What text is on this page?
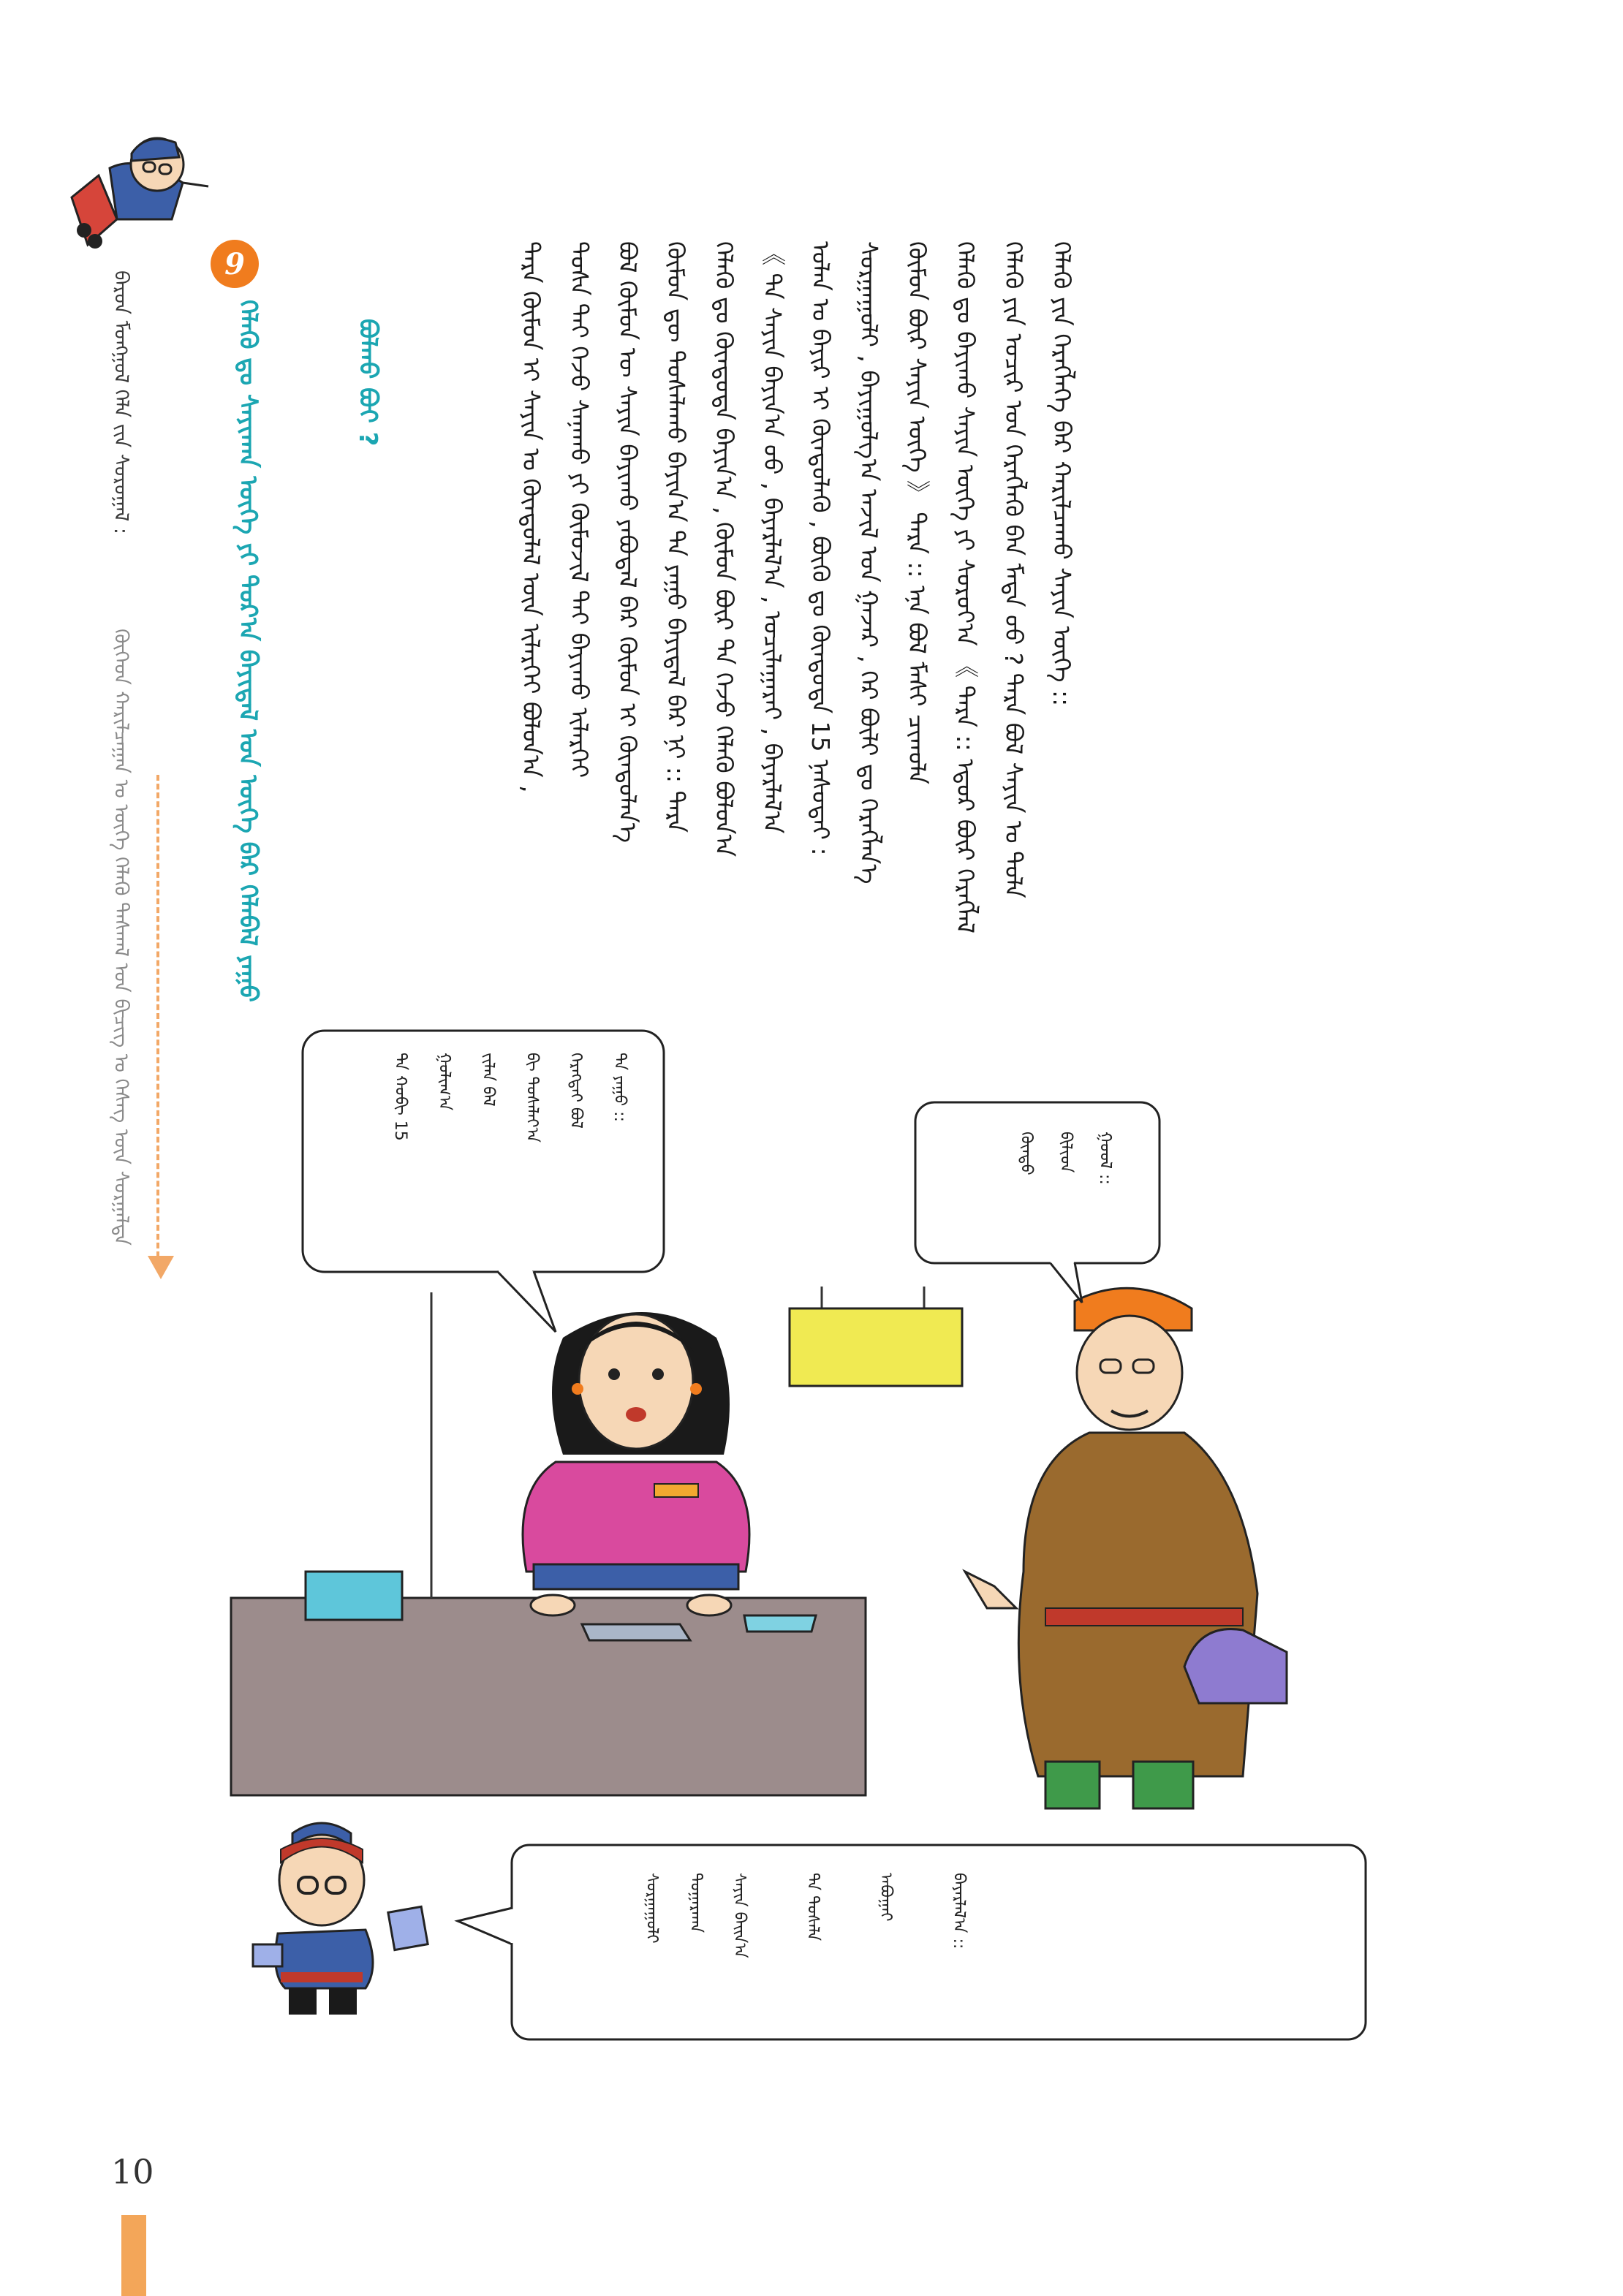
ᠪᠡᠷᠤᠨ ᠮᠣᠩᠭᠣᠯ ᠬᠡᠯᠡ ᠵᠢᠨ ᠰᠤᠷᠤᠭᠠᠯ :
ᠬᠥᠬᠡᠳ ᠬᠠᠷᠢᠯᠴᠠᠭᠠᠨ ᠤ ᠦᠭᠡ ᠬᠡᠯᠡᠬᠦ ᠳᠠᠰᠬᠠᠯ ᠤᠨ ᠪᠢᠴᠢᠭ ᠤ ᠬᠡᠰᠡᠭ ᠦᠨ ᠰᠤᠷᠭᠠᠯᠲᠠ
9
ᠬᠡᠯᠡᠬᠦ ᠳᠤ ᠰᠠᠶᠢᠬᠠᠨ ᠦᠭᠡ ᠶᠢ ᠳᠤᠷ᠎ᠠ ᠪᠠᠶᠢᠳᠠᠯ ᠤᠨ ᠦᠭᠡ ᠪᠠᠷ ᠬᠡᠯᠡᠪᠡᠯ ᠶᠠᠭᠤ	ᠪᠣᠯᠬᠤ ᠪᠤᠢ ?	ᠬᠡᠯᠡᠬᠦ ᠶᠢᠨ ᠬᠡᠷᠡᠭᠯᠡᠬᠡ ᠪᠡᠷ ᠬᠠᠷᠢᠯᠴᠠᠬᠤ ᠰᠠᠶᠢᠨ ᠦᠭᠡ ::
ᠬᠡᠯᠡᠬᠦ ᠶᠢᠨ ᠤᠴᠢᠷ ᠤᠨ ᠬᠡᠷᠡᠭᠯᠡᠬᠦ ᠪᠠᠨ ᠮᠡᠳᠡ ᠦᠦ ? ᠲᠡᠷᠡ ᠪᠣᠯ ᠰᠠᠶᠢᠨ ᠤ ᠲᠤᠯᠠ
ᠬᠡᠯᠡᠬᠦ ᠳᠤ ᠪᠠᠶᠢᠬᠤ ᠰᠠᠶᠢᠨ ᠦᠭᠡ ᠶᠢ ᠰᠤᠷᠤᠶ᠎ᠠ 《 ᠲᠡᠷᠡ :: ᠡᠳᠦᠷ ᠪᠦᠷ ᠬᠡᠷᠡᠭᠯᠡᠯ
ᠬᠥᠮᠦᠨ ᠪᠦᠷ ᠰᠠᠶᠢᠨ ᠦᠭᠡ 》 ᠲᠡᠷᠡ :: ᠡᠨᠡ ᠪᠣᠯ ᠮᠠᠰᠢ ᠴᠢᠬᠤᠯᠠ
ᠰᠤᠷᠭᠠᠭᠤᠯᠢ , ᠪᠠᠶᠢᠭᠤᠯᠭ᠎ᠠ ᠠᠵᠢᠯ ᠤᠨ ᠭᠠᠵᠠᠷ , ᠭᠡᠷ ᠪᠦᠯᠢ ᠳᠤ ᠬᠡᠷᠡᠭᠯᠡᠨ᠎ᠡ
ᠤᠯᠠᠨ ᠤ ᠪᠠᠶᠢᠷ ᠢ ᠬᠦᠨᠳᠦᠯᠡᠬᠦ , ᠪᠦᠬᠦ ᠳᠤ ᠬᠦᠨᠳᠦᠳᠡ 15 ᠨᠠᠰᠤᠲᠠᠢ :
《 ᠲᠠ ᠰᠠᠶᠢᠨ ᠪᠠᠶᠢᠨ᠎ᠠ ᠤᠤ , ᠪᠠᠶᠠᠷᠯᠠᠯ᠎ᠠ , ᠤᠴᠢᠯᠠᠭᠠᠷᠠᠢ , ᠪᠠᠶᠠᠷᠯᠠᠯ᠎ᠠ
ᠬᠡᠯᠡᠬᠦ ᠳᠤ ᠬᠦᠨᠳᠦᠳᠡ ᠪᠠᠶᠢᠨ᠎ᠠ , ᠬᠦᠮᠦᠨ ᠪᠦᠷ ᠲᠠ ᠭᠡᠵᠦ ᠬᠡᠯᠡᠬᠦ ᠪᠣᠯᠤᠨ᠎ᠠ
ᠬᠦᠮᠦᠨ ᠳᠦ ᠲᠤᠰᠠᠯᠠᠬᠤ ᠪᠠᠶᠢᠨ᠎ᠠ ᠲᠠ ᠶᠠᠭᠤ ᠪᠠᠶᠢᠳᠠᠯ ᠪᠠᠷ ᠨᠢ :: ᠲᠡᠷᠡ
ᠪᠣᠯ ᠬᠦᠮᠦᠨ ᠦ ᠰᠠᠶᠢᠨ ᠪᠠᠶᠢᠬᠤ ᠶᠠᠪᠤᠳᠠᠯ ᠪᠠᠷ ᠬᠦᠮᠦᠨ ᠢ ᠬᠦᠨᠳᠦᠯᠡᠨ᠎ᠡ
ᠲᠤᠰᠠ ᠲᠠᠢ ᠭᠡᠵᠦ ᠰᠠᠨᠠᠬᠤ ᠶᠢ ᠬᠦᠮᠦᠵᠢᠯ ᠲᠡᠢ ᠪᠠᠶᠢᠬᠤ ᠢᠯᠡᠷᠬᠡᠢ
ᠲᠡᠷᠡ ᠬᠦᠮᠦᠨ ᠢ ᠰᠠᠶᠢᠨ ᠤ ᠬᠦᠨᠳᠦᠯᠡᠯ ᠦᠨ ᠢᠯᠡᠷᠬᠡᠢ ᠪᠣᠯᠤᠨ᠎ᠠ ,
ᠭᠣᠣᠯ ::
ᠪᠢᠯᠢᠳ
ᠬᠦᠨᠳᠦ
ᠲᠠ ᠶᠠᠭᠤ ::
ᠬᠡᠷᠡᠭᠲᠡᠢ ᠪᠣᠯ
ᠪᠢ ᠲᠤᠰᠠᠯᠠᠶ᠎ᠠ
ᠵᠢᠯᠠᠨ ᠪᠠᠯ
ᠭᠤᠯᠢᠭ᠎ᠠ
ᠲᠠ ᠬᠤᠪᠢ 15
ᠪᠠᠶᠠᠷᠯᠠᠯ᠎ᠠ ::
ᠠᠪᠤᠭᠠᠢ
ᠲᠠ ᠲᠤᠰᠠᠯᠠ
ᠰᠠᠶᠢᠨ ᠪᠠᠢᠨ᠎ᠠ
ᠲᠣᠭᠠᠷᠬᠠᠨ
ᠰᠤᠷᠭᠠᠭᠤᠯᠢ
10
